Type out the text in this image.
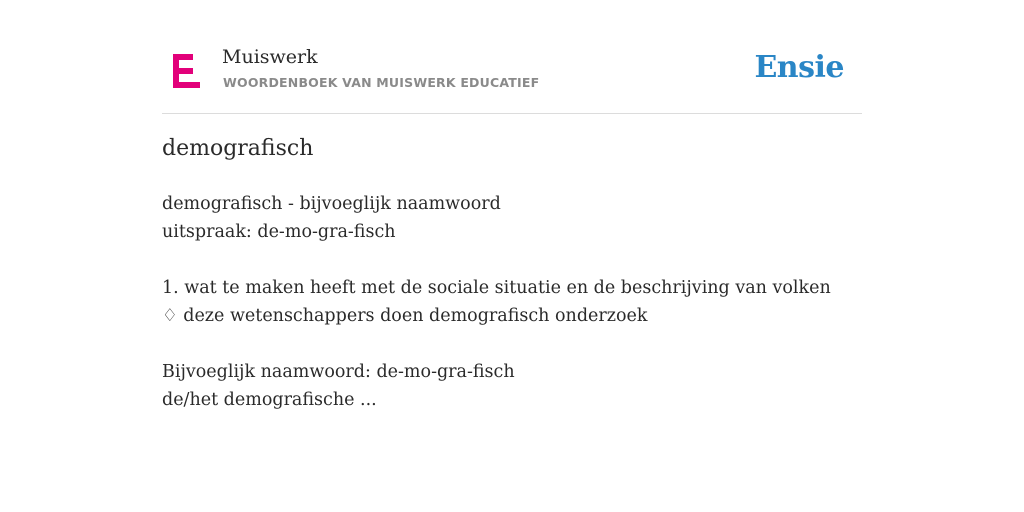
Muiswerk
WOORDENBOEK VAN MUISWERK EDUCATIEF	Ensie
demografisch
demografisch - bijvoeglijk naamwoord
uitspraak: de-mo-gra-fisch
1. wat te maken heeft met de sociale situatie en de beschrijving van volken
♢ deze wetenschappers doen demografisch onderzoek
Bijvoeglijk naamwoord: de-mo-gra-fisch
de/het demografische ...
